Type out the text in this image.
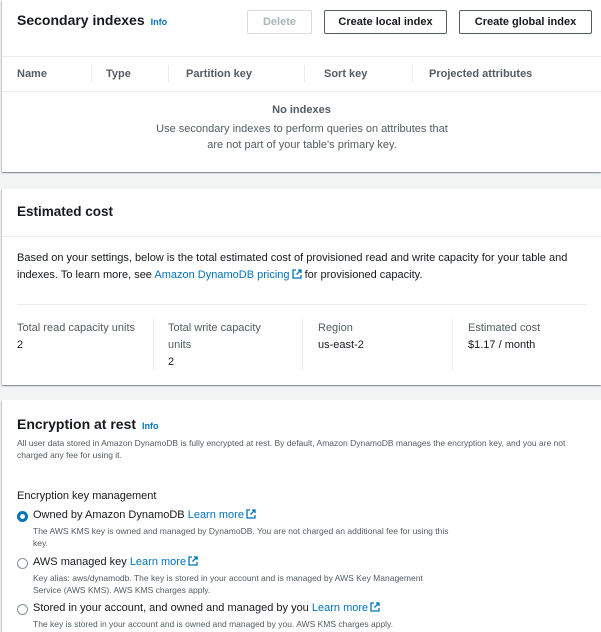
Secondary indexes Info	Delete	Create local index	Create global index
Name	Type	Partition key	Sort key	Projected attributes
No indexes
Use secondary indexes to perform queries on attributes that are not part of your table's primary key.
Estimated cost
Based on your settings, below is the total estimated cost of provisioned read and write capacity for your table and indexes. To learn more, see Amazon DynamoDB pricing for provisioned capacity.
Total read capacity units
2
Total write capacity units
2
Region
us-east-2
Estimated cost
$1.17 / month
Encryption at rest Info
All user data stored in Amazon DynamoDB is fully encrypted at rest. By default, Amazon DynamoDB manages the encryption key, and you are not charged any fee for using it.
Encryption key management
Owned by Amazon DynamoDB Learn more
The AWS KMS key is owned and managed by DynamoDB. You are not charged an additional fee for using this key.
AWS managed key Learn more
Key alias: aws/dynamodb. The key is stored in your account and is managed by AWS Key Management Service (AWS KMS). AWS KMS charges apply.
Stored in your account, and owned and managed by you Learn more
The key is stored in your account and is owned and managed by you. AWS KMS charges apply.
